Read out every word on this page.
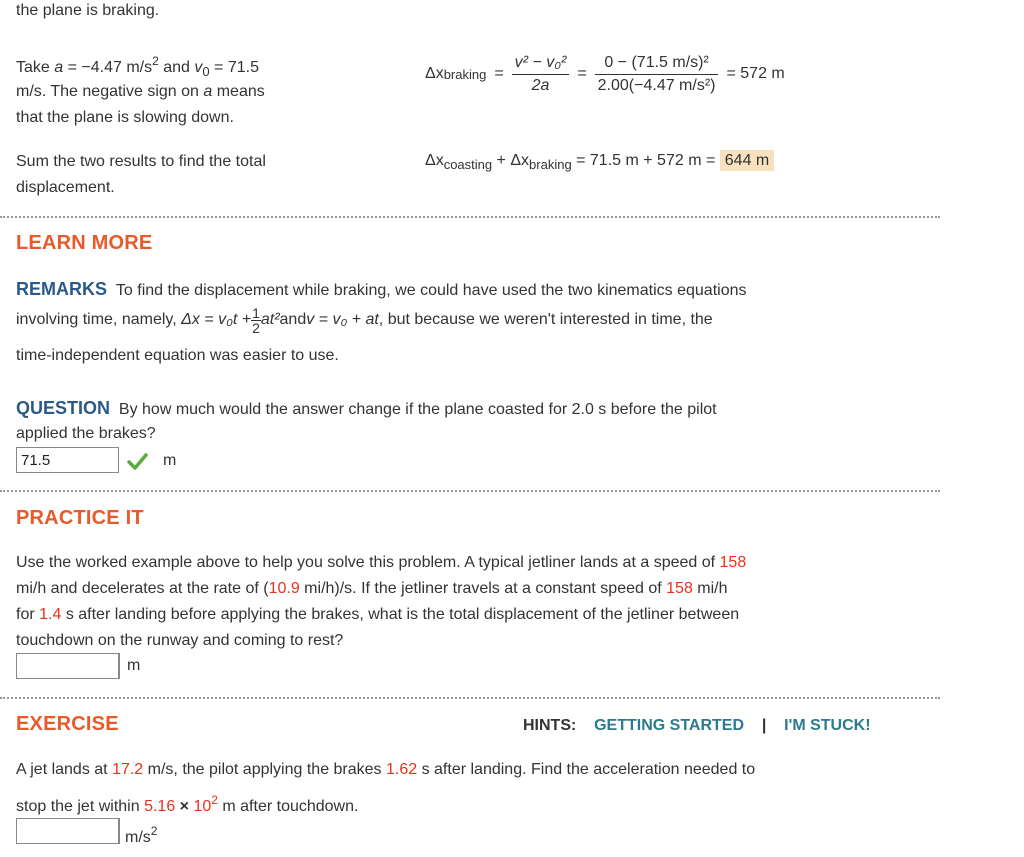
the plane is braking.
Take a = −4.47 $m/s^2$ and $v_0 = 71.5$
m/s. The negative sign on a means
that the plane is slowing down.
Δx braking = $\frac{\text{v² − v₀²}}{2a} = \frac{\text{0 − (71.5 m/s)²}}{\text{2.00(−4.47 m/s²)}} = 572$ m
Sum the two results to find the total
displacement.
$\Delta x_{coasting} + \Delta x_{braking} = 71.5$ m + 572 m = 644 m
LEARN MORE
REMARKS To find the displacement while braking, we could have used the two kinematics equations
involving time, namely,
$\Delta x = v_0t + \frac{1}{2} at^2$ and v = v₀ + at , but because we weren't interested in time, the
time-independent equation was easier to use.
QUESTION By how much would the answer change if the plane coasted for 2.0 s before the pilot
applied the brakes?
71.5
m
PRACTICE IT
Use the worked example above to help you solve this problem. A typical jetliner lands at a speed of 158
mi/h and decelerates at the rate of (10.9 mi/h)/s. If the jetliner travels at a constant speed of 158 mi/h
for 1.4 s after landing before applying the brakes, what is the total displacement of the jetliner between
touchdown on the runway and coming to rest?
m
EXERCISE	HINTS: GETTING STARTED | I'M STUCK!
A jet lands at 17.2 m/s, the pilot applying the brakes 1.62 s after landing. Find the acceleration needed to
stop the jet within $5.16 \times 10^2$ m after touchdown.
$m/s^2$
